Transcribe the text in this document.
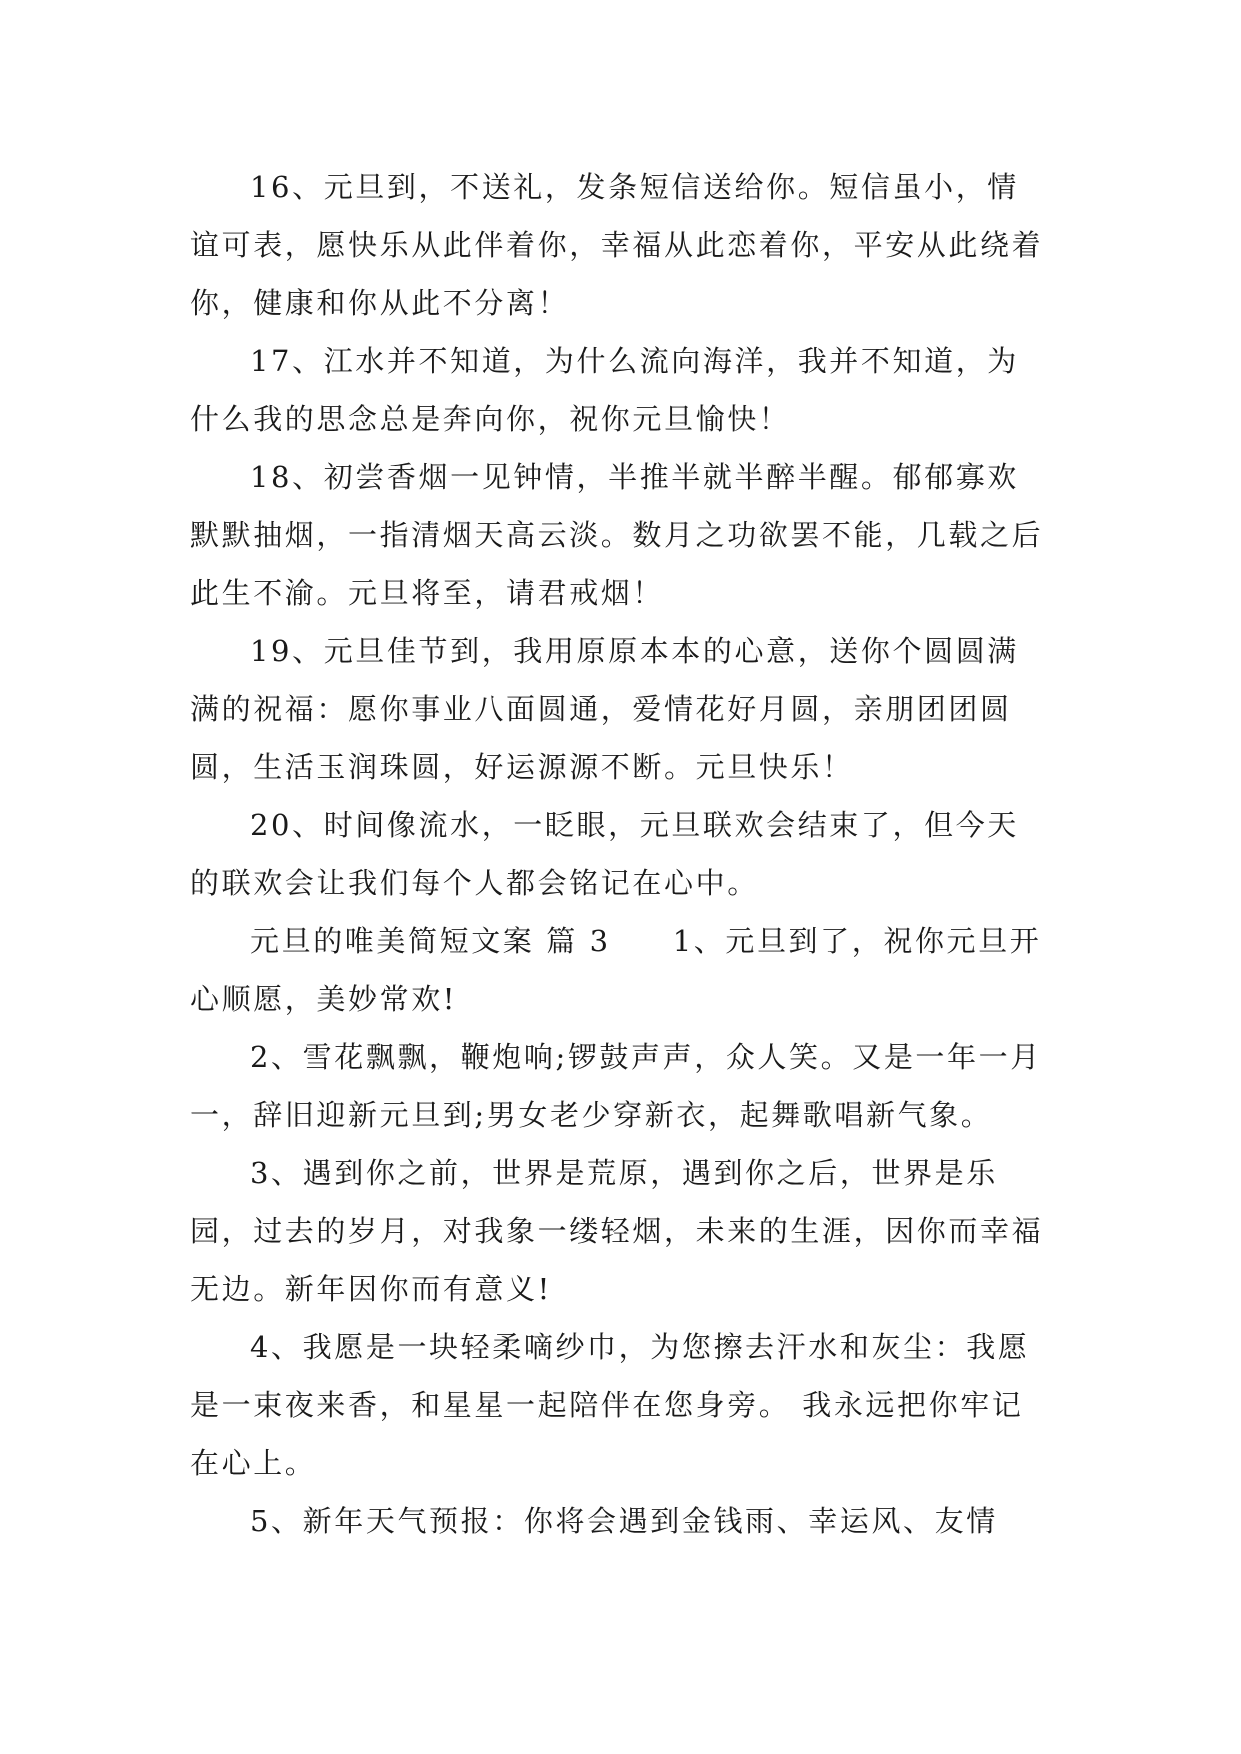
16、元旦到，不送礼，发条短信送给你。短信虽小，情谊可表，愿快乐从此伴着你，幸福从此恋着你，平安从此绕着你，健康和你从此不分离！

17、江水并不知道，为什么流向海洋，我并不知道，为什么我的思念总是奔向你，祝你元旦愉快！

18、初尝香烟一见钟情，半推半就半醉半醒。郁郁寡欢默默抽烟，一指清烟天高云淡。数月之功欲罢不能，几载之后此生不渝。元旦将至，请君戒烟！

19、元旦佳节到，我用原原本本的心意，送你个圆圆满满的祝福：愿你事业八面圆通，爱情花好月圆，亲朋团团圆圆，生活玉润珠圆，好运源源不断。元旦快乐！

20、时间像流水，一眨眼，元旦联欢会结束了，但今天的联欢会让我们每个人都会铭记在心中。

元旦的唯美简短文案 篇 3 1、元旦到了，祝你元旦开心顺愿，美妙常欢!

2、雪花飘飘，鞭炮响;锣鼓声声，众人笑。又是一年一月一，辞旧迎新元旦到;男女老少穿新衣，起舞歌唱新气象。

3、遇到你之前，世界是荒原，遇到你之后，世界是乐园，过去的岁月，对我象一缕轻烟，未来的生涯，因你而幸福无边。新年因你而有意义!

4、我愿是一块轻柔嘀纱巾，为您擦去汗水和灰尘：我愿是一束夜来香，和星星一起陪伴在您身旁。 我永远把你牢记在心上。

5、新年天气预报：你将会遇到金钱雨、幸运风、友情
